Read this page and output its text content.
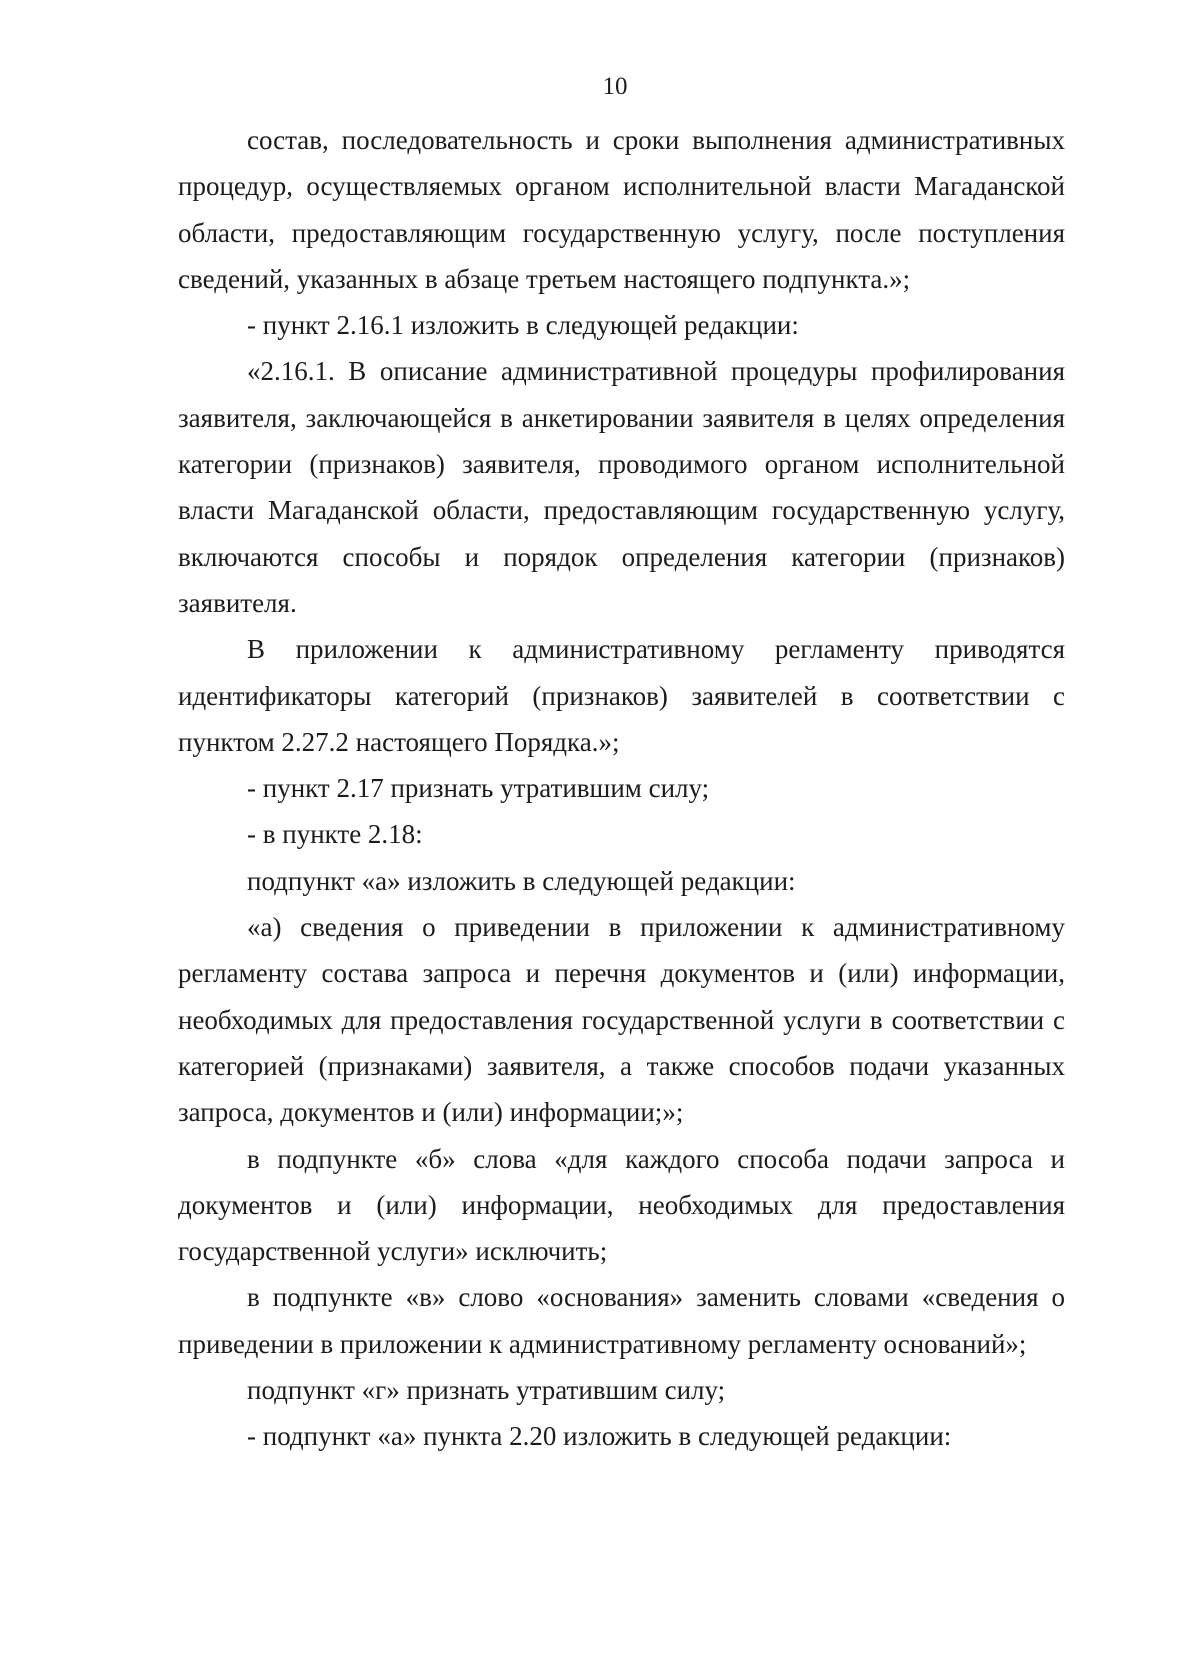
10

состав, последовательность и сроки выполнения административных процедур, осуществляемых органом исполнительной власти Магаданской области, предоставляющим государственную услугу, после поступления сведений, указанных в абзаце третьем настоящего подпункта.»;

- пункт 2.16.1 изложить в следующей редакции:

«2.16.1. В описание административной процедуры профилирования заявителя, заключающейся в анкетировании заявителя в целях определения категории (признаков) заявителя, проводимого органом исполнительной власти Магаданской области, предоставляющим государственную услугу, включаются способы и порядок определения категории (признаков) заявителя.

В приложении к административному регламенту приводятся идентификаторы категорий (признаков) заявителей в соответствии с пунктом 2.27.2 настоящего Порядка.»;

- пункт 2.17 признать утратившим силу;

- в пункте 2.18:

подпункт «а» изложить в следующей редакции:

«а) сведения о приведении в приложении к административному регламенту состава запроса и перечня документов и (или) информации, необходимых для предоставления государственной услуги в соответствии с категорией (признаками) заявителя, а также способов подачи указанных запроса, документов и (или) информации;»;

в подпункте «б» слова «для каждого способа подачи запроса и документов и (или) информации, необходимых для предоставления государственной услуги» исключить;

в подпункте «в» слово «основания» заменить словами «сведения о приведении в приложении к административному регламенту оснований»;

подпункт «г» признать утратившим силу;

- подпункт «а» пункта 2.20 изложить в следующей редакции:
